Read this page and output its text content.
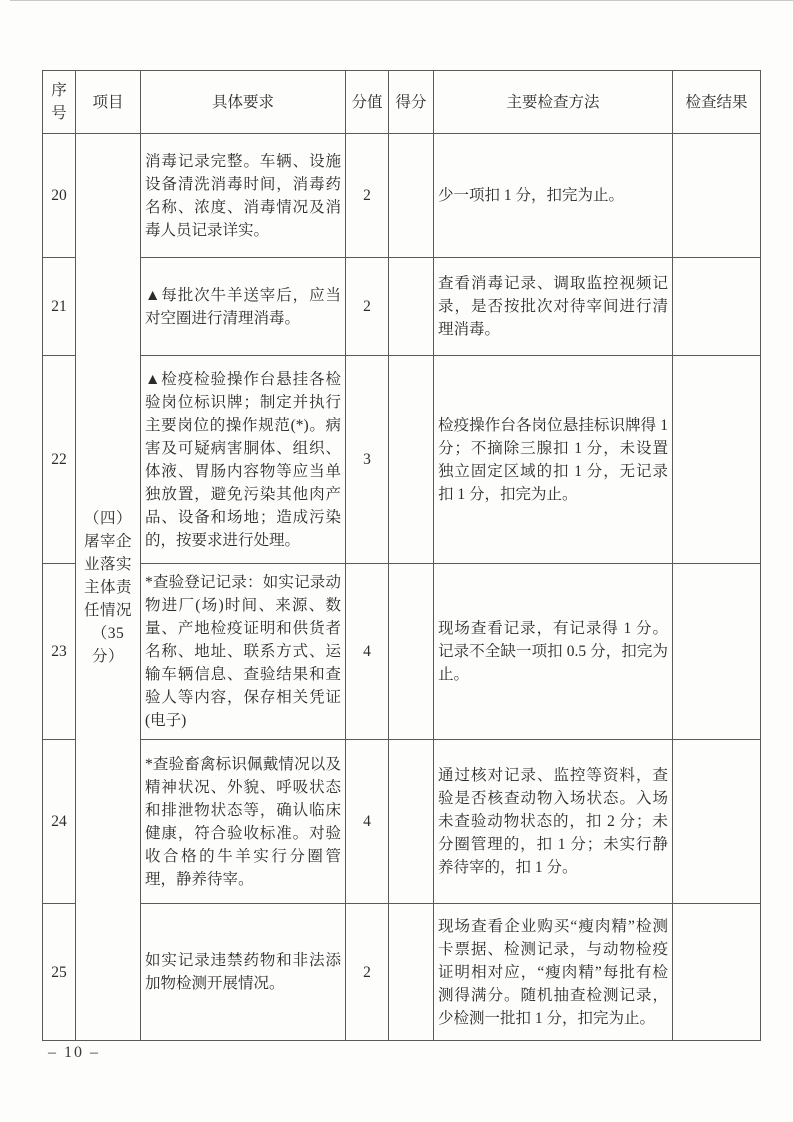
序号	项目	具体要求	分值	得分	主要检查方法	检查结果
20	（四）屠宰企业落实主体责任情况（35分）	消毒记录完整。车辆、设施设备清洗消毒时间，消毒药名称、浓度、消毒情况及消毒人员记录详实。	2		少一项扣 1 分，扣完为止。	
21		▲每批次牛羊送宰后，应当对空圈进行清理消毒。	2		查看消毒记录、调取监控视频记录，是否按批次对待宰间进行清理消毒。	
22		▲检疫检验操作台悬挂各检验岗位标识牌；制定并执行主要岗位的操作规范(*)。病害及可疑病害胴体、组织、体液、胃肠内容物等应当单独放置，避免污染其他肉产品、设备和场地；造成污染的，按要求进行处理。	3		检疫操作台各岗位悬挂标识牌得 1 分；不摘除三腺扣 1 分，未设置独立固定区域的扣 1 分，无记录扣 1 分，扣完为止。	
23		*查验登记记录：如实记录动物进厂(场)时间、来源、数量、产地检疫证明和供货者名称、地址、联系方式、运输车辆信息、查验结果和查验人等内容，保存相关凭证(电子)	4		现场查看记录，有记录得 1 分。记录不全缺一项扣 0.5 分，扣完为止。	
24		*查验畜禽标识佩戴情况以及精神状况、外貌、呼吸状态和排泄物状态等，确认临床健康，符合验收标准。对验收合格的牛羊实行分圈管理，静养待宰。	4		通过核对记录、监控等资料，查验是否核查动物入场状态。入场未查验动物状态的，扣 2 分；未分圈管理的，扣 1 分；未实行静养待宰的，扣 1 分。	
25		如实记录违禁药物和非法添加物检测开展情况。	2		现场查看企业购买“瘦肉精”检测卡票据、检测记录，与动物检疫证明相对应，“瘦肉精”每批有检测得满分。随机抽查检测记录，少检测一批扣 1 分，扣完为止。	
– 10 –
